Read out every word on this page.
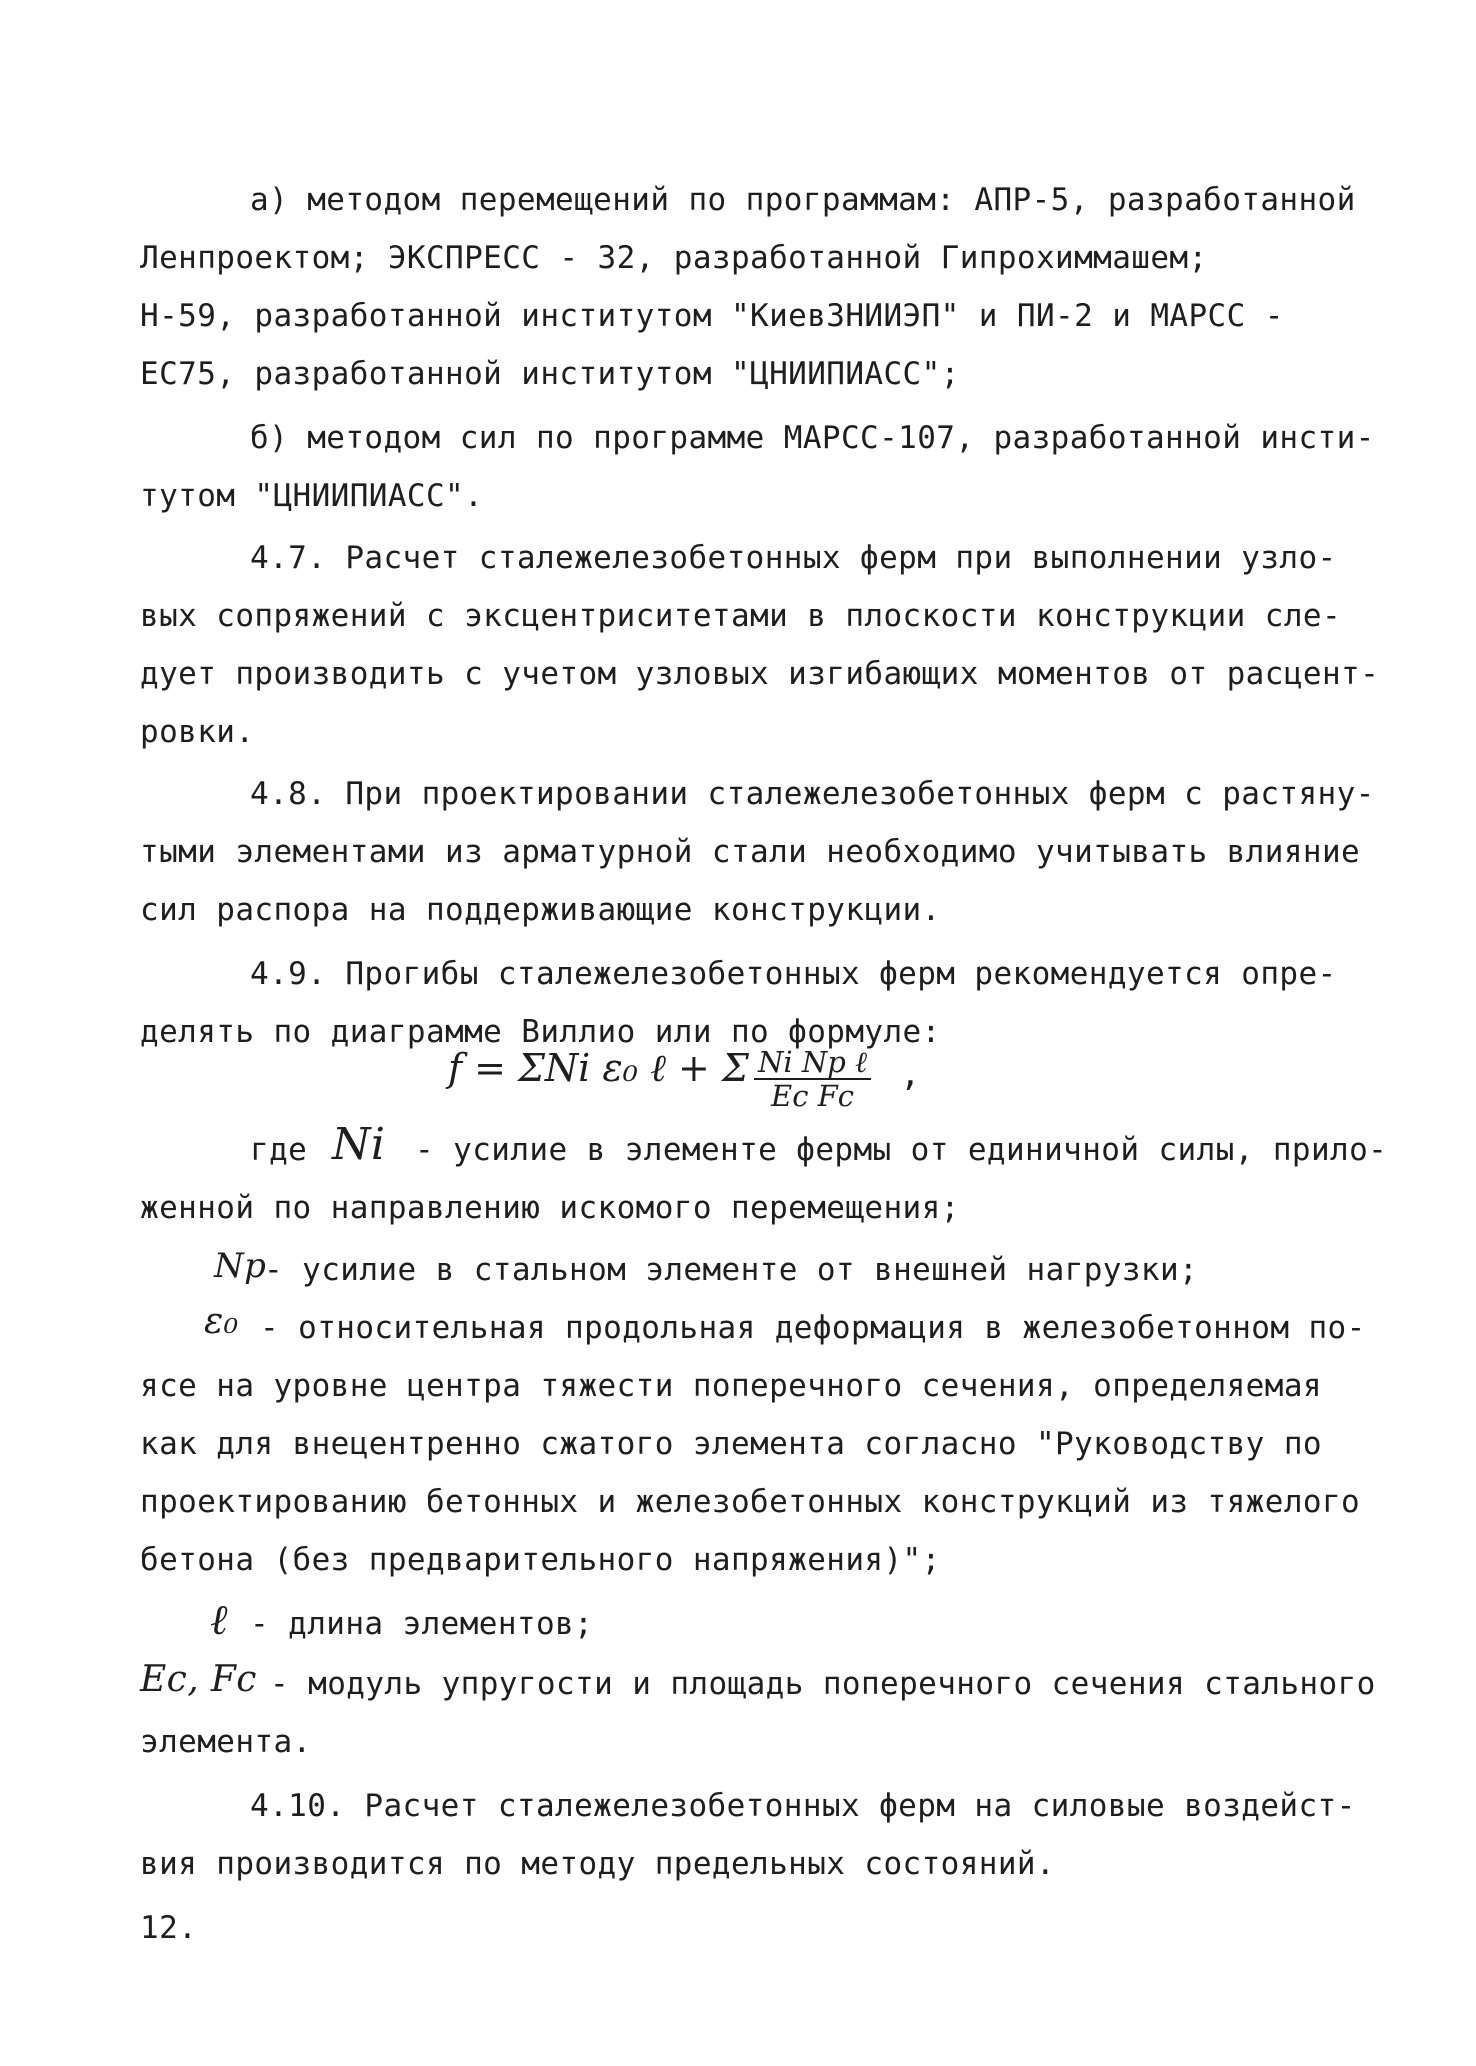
а) методом перемещений по программам: АПР-5, разработанной
Ленпроектом; ЭКСПРЕСС - 32, разработанной Гипрохиммашем;
Н-59, разработанной институтом "КиевЗНИИЭП" и ПИ-2 и МАРСС -
ЕС75, разработанной институтом "ЦНИИПИАСС";
б) методом сил по программе МАРСС-107, разработанной инсти-
тутом "ЦНИИПИАСС".
4.7. Расчет сталежелезобетонных ферм при выполнении узло-
вых сопряжений с эксцентриситетами в плоскости конструкции сле-
дует производить с учетом узловых изгибающих моментов от расцент-
ровки.
4.8. При проектировании сталежелезобетонных ферм с растяну-
тыми элементами из арматурной стали необходимо учитывать влияние
сил распора на поддерживающие конструкции.
4.9. Прогибы сталежелезобетонных ферм рекомендуется опре-
делять по диаграмме Виллио или по формуле:
f = ΣNi ε₀ ℓ + Σ Ni Nр ℓ
Eс Fс
,
где Ni - усилие в элементе фермы от единичной силы, прило-
женной по направлению искомого перемещения;
Nр
- усилие в стальном элементе от внешней нагрузки;
ε₀ - относительная продольная деформация в железобетонном по-
ясе на уровне центра тяжести поперечного сечения, определяемая
как для внецентренно сжатого элемента согласно "Руководству по
проектированию бетонных и железобетонных конструкций из тяжелого
бетона (без предварительного напряжения)";
ℓ - длина элементов;
Eс, Fс - модуль упругости и площадь поперечного сечения стального
элемента.
4.10. Расчет сталежелезобетонных ферм на силовые воздейст-
вия производится по методу предельных состояний.
12.
